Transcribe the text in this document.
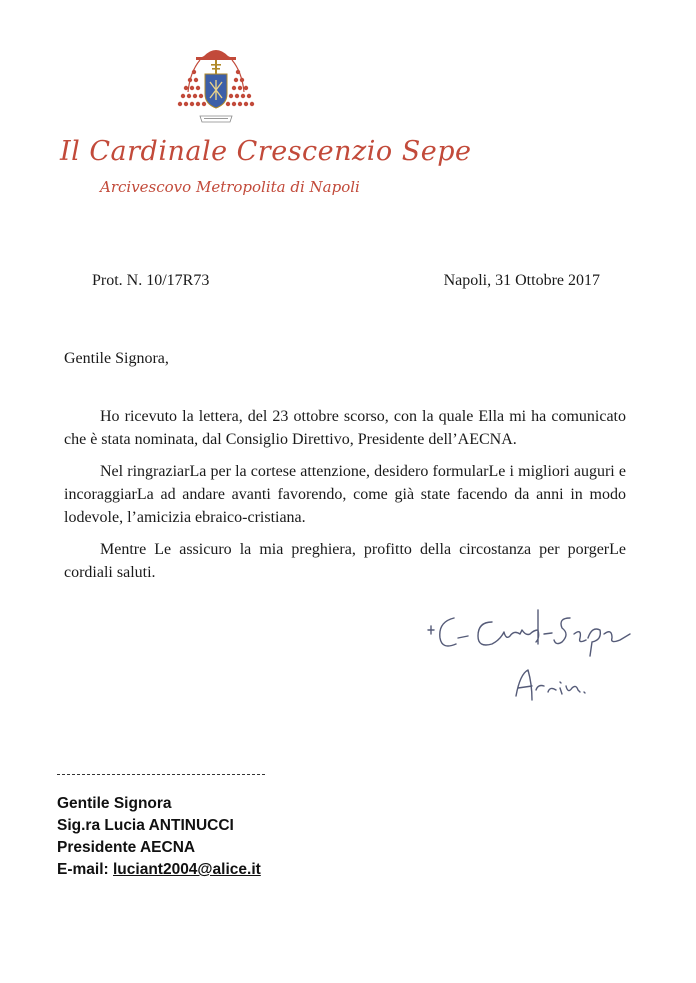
Il Cardinale Crescenzio Sepe
Arcivescovo Metropolita di Napoli
Prot. N. 10/17R73	Napoli, 31 Ottobre 2017
Gentile Signora,

Ho ricevuto la lettera, del 23 ottobre scorso, con la quale Ella mi ha comunicato che è stata nominata, dal Consiglio Direttivo, Presidente dell’AECNA.

Nel ringraziarLa per la cortese attenzione, desidero formularLe i migliori auguri e incoraggiarLa ad andare avanti favorendo, come già state facendo da anni in modo lodevole, l’amicizia ebraico-cristiana.

Mentre Le assicuro la mia preghiera, profitto della circostanza per porgerLe cordiali saluti.

Gentile Signora
Sig.ra Lucia ANTINUCCI
Presidente AECNA
E-mail: luciant2004@alice.it
